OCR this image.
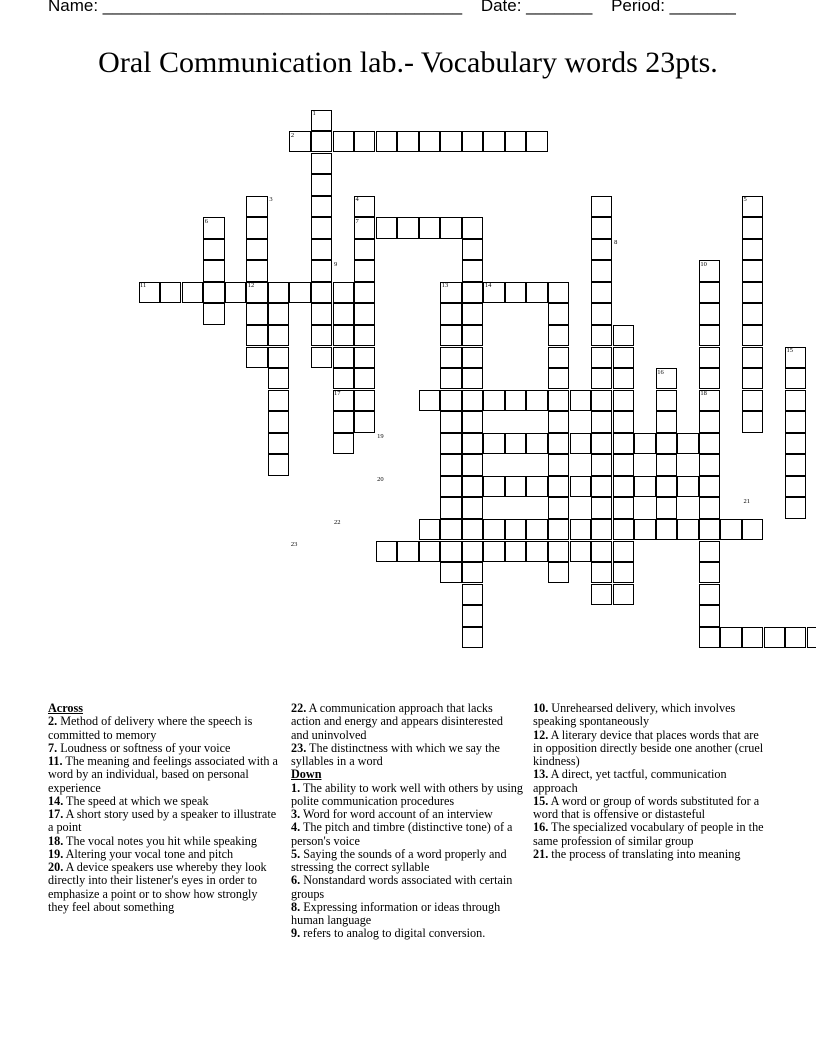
Name: ______________________________________ Date: _______ Period: _______
Oral Communication lab.- Vocabulary words 23pts.
1
2
3	4	5
6	7
8
9	10
11	12	13	14
15
16
17	18
19
20
21
22
23
Across
2. Method of delivery where the speech is committed to memory
7. Loudness or softness of your voice
11. The meaning and feelings associated with a word by an individual, based on personal experience
14. The speed at which we speak
17. A short story used by a speaker to illustrate a point
18. The vocal notes you hit while speaking
19. Altering your vocal tone and pitch
20. A device speakers use whereby they look directly into their listener's eyes in order to emphasize a point or to show how strongly they feel about something
22. A communication approach that lacks action and energy and appears disinterested and uninvolved
23. The distinctness with which we say the syllables in a word
Down
1. The ability to work well with others by using polite communication procedures
3. Word for word account of an interview
4. The pitch and timbre (distinctive tone) of a person's voice
5. Saying the sounds of a word properly and stressing the correct syllable
6. Nonstandard words associated with certain groups
8. Expressing information or ideas through human language
9. refers to analog to digital conversion.
10. Unrehearsed delivery, which involves speaking spontaneously
12. A literary device that places words that are in opposition directly beside one another (cruel kindness)
13. A direct, yet tactful, communication approach
15. A word or group of words substituted for a word that is offensive or distasteful
16. The specialized vocabulary of people in the same profession of similar group
21. the process of translating into meaning
